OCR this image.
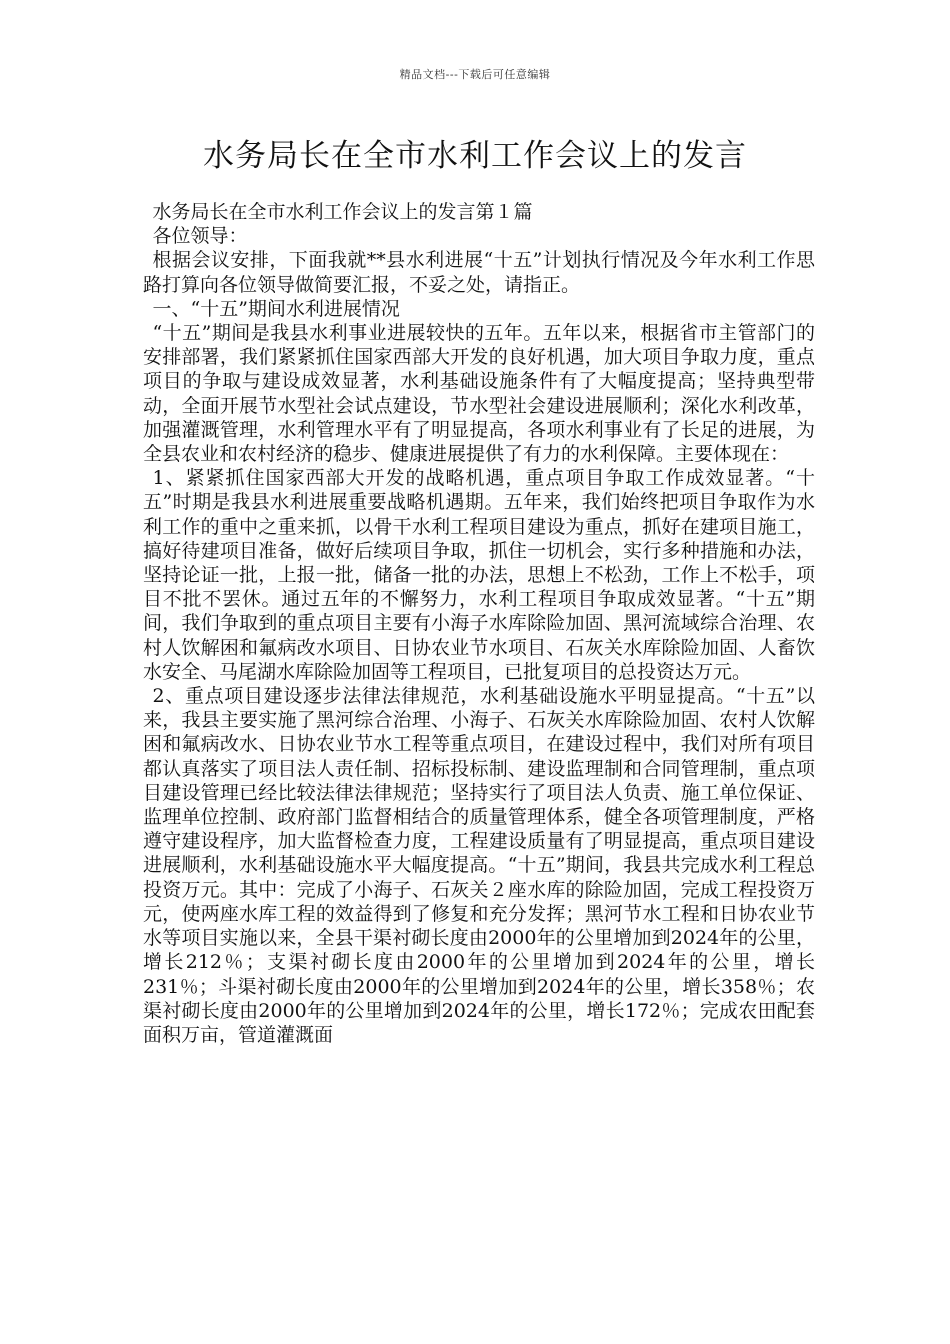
精品文档---下载后可任意编辑
水务局长在全市水利工作会议上的发言

水务局长在全市水利工作会议上的发言第１篇

各位领导：

根据会议安排，下面我就**县水利进展“十五”计划执行情况及今年水利工作思路打算向各位领导做简要汇报，不妥之处，请指正。

一、“十五”期间水利进展情况

“十五”期间是我县水利事业进展较快的五年。五年以来，根据省市主管部门的安排部署，我们紧紧抓住国家西部大开发的良好机遇，加大项目争取力度，重点项目的争取与建设成效显著，水利基础设施条件有了大幅度提高；坚持典型带动，全面开展节水型社会试点建设，节水型社会建设进展顺利；深化水利改革，加强灌溉管理，水利管理水平有了明显提高，各项水利事业有了长足的进展，为全县农业和农村经济的稳步、健康进展提供了有力的水利保障。主要体现在：

1、紧紧抓住国家西部大开发的战略机遇，重点项目争取工作成效显著。“十五”时期是我县水利进展重要战略机遇期。五年来，我们始终把项目争取作为水利工作的重中之重来抓，以骨干水利工程项目建设为重点，抓好在建项目施工，搞好待建项目准备，做好后续项目争取，抓住一切机会，实行多种措施和办法，坚持论证一批，上报一批，储备一批的办法，思想上不松劲，工作上不松手，项目不批不罢休。通过五年的不懈努力，水利工程项目争取成效显著。“十五”期间，我们争取到的重点项目主要有小海子水库除险加固、黑河流域综合治理、农村人饮解困和氟病改水项目、日协农业节水项目、石灰关水库除险加固、人畜饮水安全、马尾湖水库除险加固等工程项目，已批复项目的总投资达万元。

2、重点项目建设逐步法律法律规范，水利基础设施水平明显提高。“十五”以来，我县主要实施了黑河综合治理、小海子、石灰关水库除险加固、农村人饮解困和氟病改水、日协农业节水工程等重点项目，在建设过程中，我们对所有项目都认真落实了项目法人责任制、招标投标制、建设监理制和合同管理制，重点项目建设管理已经比较法律法律规范；坚持实行了项目法人负责、施工单位保证、监理单位控制、政府部门监督相结合的质量管理体系，健全各项管理制度，严格遵守建设程序，加大监督检查力度，工程建设质量有了明显提高，重点项目建设进展顺利，水利基础设施水平大幅度提高。“十五”期间，我县共完成水利工程总投资万元。其中：完成了小海子、石灰关２座水库的除险加固，完成工程投资万元，使两座水库工程的效益得到了修复和充分发挥；黑河节水工程和日协农业节水等项目实施以来，全县干渠衬砌长度由2000年的公里增加到2024年的公里，增长212％；支渠衬砌长度由2000年的公里增加到2024年的公里，增长231％；斗渠衬砌长度由2000年的公里增加到2024年的公里，增长358％；农渠衬砌长度由2000年的公里增加到2024年的公里，增长172％；完成农田配套面积万亩，管道灌溉面
